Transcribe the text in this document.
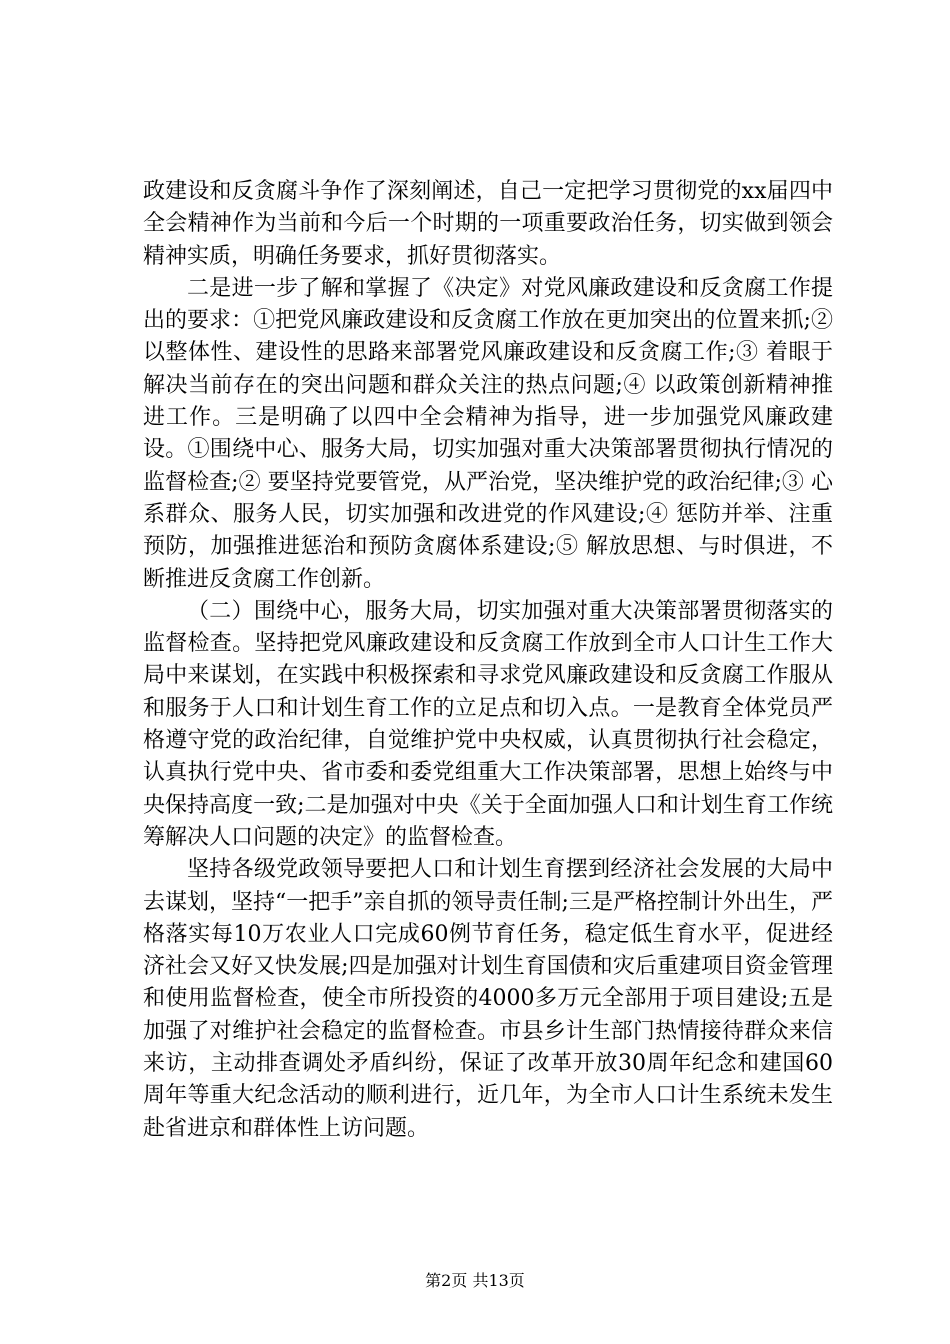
政建设和反贪腐斗争作了深刻阐述，自己一定把学习贯彻党的xx届四中全会精神作为当前和今后一个时期的一项重要政治任务，切实做到领会精神实质，明确任务要求，抓好贯彻落实。

二是进一步了解和掌握了《决定》对党风廉政建设和反贪腐工作提出的要求：①把党风廉政建设和反贪腐工作放在更加突出的位置来抓;② 以整体性、建设性的思路来部署党风廉政建设和反贪腐工作;③ 着眼于解决当前存在的突出问题和群众关注的热点问题;④ 以政策创新精神推进工作。三是明确了以四中全会精神为指导，进一步加强党风廉政建设。①围绕中心、服务大局，切实加强对重大决策部署贯彻执行情况的监督检查;② 要坚持党要管党，从严治党，坚决维护党的政治纪律;③ 心系群众、服务人民，切实加强和改进党的作风建设;④ 惩防并举、注重预防，加强推进惩治和预防贪腐体系建设;⑤ 解放思想、与时俱进，不断推进反贪腐工作创新。

（二）围绕中心，服务大局，切实加强对重大决策部署贯彻落实的监督检查。坚持把党风廉政建设和反贪腐工作放到全市人口计生工作大局中来谋划，在实践中积极探索和寻求党风廉政建设和反贪腐工作服从和服务于人口和计划生育工作的立足点和切入点。一是教育全体党员严格遵守党的政治纪律，自觉维护党中央权威，认真贯彻执行社会稳定，认真执行党中央、省市委和委党组重大工作决策部署，思想上始终与中央保持高度一致;二是加强对中央《关于全面加强人口和计划生育工作统筹解决人口问题的决定》的监督检查。

坚持各级党政领导要把人口和计划生育摆到经济社会发展的大局中去谋划，坚持“一把手”亲自抓的领导责任制;三是严格控制计外出生，严格落实每10万农业人口完成60例节育任务，稳定低生育水平，促进经济社会又好又快发展;四是加强对计划生育国债和灾后重建项目资金管理和使用监督检查，使全市所投资的4000多万元全部用于项目建设;五是加强了对维护社会稳定的监督检查。市县乡计生部门热情接待群众来信来访，主动排查调处矛盾纠纷，保证了改革开放30周年纪念和建国60周年等重大纪念活动的顺利进行，近几年，为全市人口计生系统未发生赴省进京和群体性上访问题。

第2页 共13页
